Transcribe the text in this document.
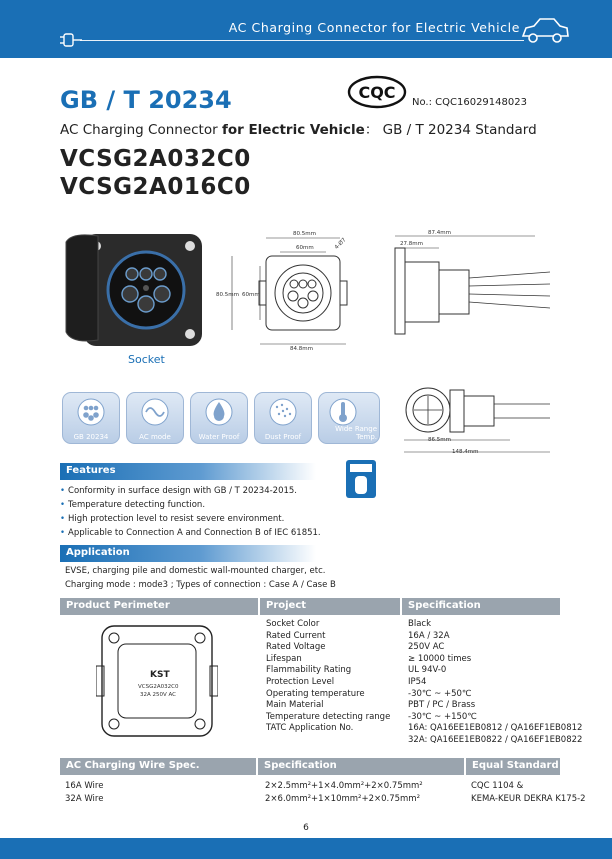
AC Charging Connector for Electric Vehicle
GB / T 20234	CQC
No.: CQC16029148023
AC Charging Connector for Electric Vehicle： GB / T 20234 Standard
VCSG2A032C0
VCSG2A016C0
Socket
80.5mm
60mm	4-Ø7
80.5mm 60mm
84.8mm
87.4mm
27.8mm
86.5mm
148.4mm
GB 20234	AC mode	Water Proof	Dust Proof
Wide Range Temp.
Features
• Conformity in surface design with GB / T 20234-2015.
• Temperature detecting function.
• High protection level to resist severe environment.
• Applicable to Connection A and Connection B of IEC 61851.
Application
EVSE, charging pile and domestic wall-mounted charger, etc.
Charging mode : mode3 ; Types of connection : Case A / Case B
Product Perimeter	Project	Specification
KST
VCSG2A032C0
32A 250V AC
Socket Color	Black
Rated Current	16A / 32A
Rated Voltage	250V AC
Lifespan	≥ 10000 times
Flammability Rating	UL 94V-0
Protection Level	IP54
Operating temperature	-30℃ ~ +50℃
Main Material	PBT / PC / Brass
Temperature detecting range -30℃ ~ +150℃
TATC Application No.	16A: QA16EE1EB0812 / QA16EF1EB0812
32A: QA16EE1EB0822 / QA16EF1EB0822
AC Charging Wire Spec.	Specification	Equal Standard
16A Wire	2×2.5mm²+1×4.0mm²+2×0.75mm²	CQC 1104 &
32A Wire	2×6.0mm²+1×10mm²+2×0.75mm²	KEMA-KEUR DEKRA K175-2
6
